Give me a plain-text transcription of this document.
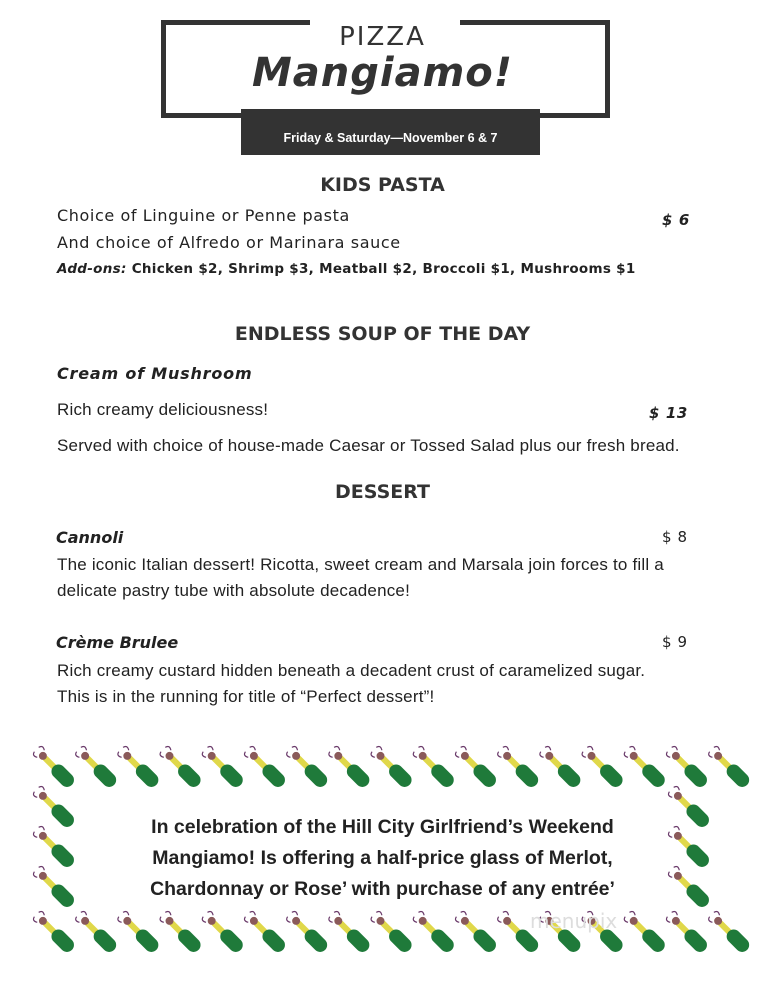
PIZZA
Mangiamo!
Friday & Saturday—November 6 & 7
KIDS PASTA
Choice of Linguine or Penne pasta	$ 6
And choice of Alfredo or Marinara sauce
Add-ons: Chicken $2, Shrimp $3, Meatball $2, Broccoli $1, Mushrooms $1
ENDLESS SOUP OF THE DAY
Cream of Mushroom
Rich creamy deliciousness!	$ 13
Served with choice of house-made Caesar or Tossed Salad plus our fresh bread.
DESSERT
Cannoli	$ 8
The iconic Italian dessert! Ricotta, sweet cream and Marsala join forces to fill a
delicate pastry tube with absolute decadence!
Crème Brulee	$ 9
Rich creamy custard hidden beneath a decadent crust of caramelized sugar.
This is in the running for title of “Perfect dessert”!
In celebration of the Hill City Girlfriend’s Weekend
Mangiamo! Is offering a half-price glass of Merlot,
Chardonnay or Rose’ with purchase of any entrée’
menupix
